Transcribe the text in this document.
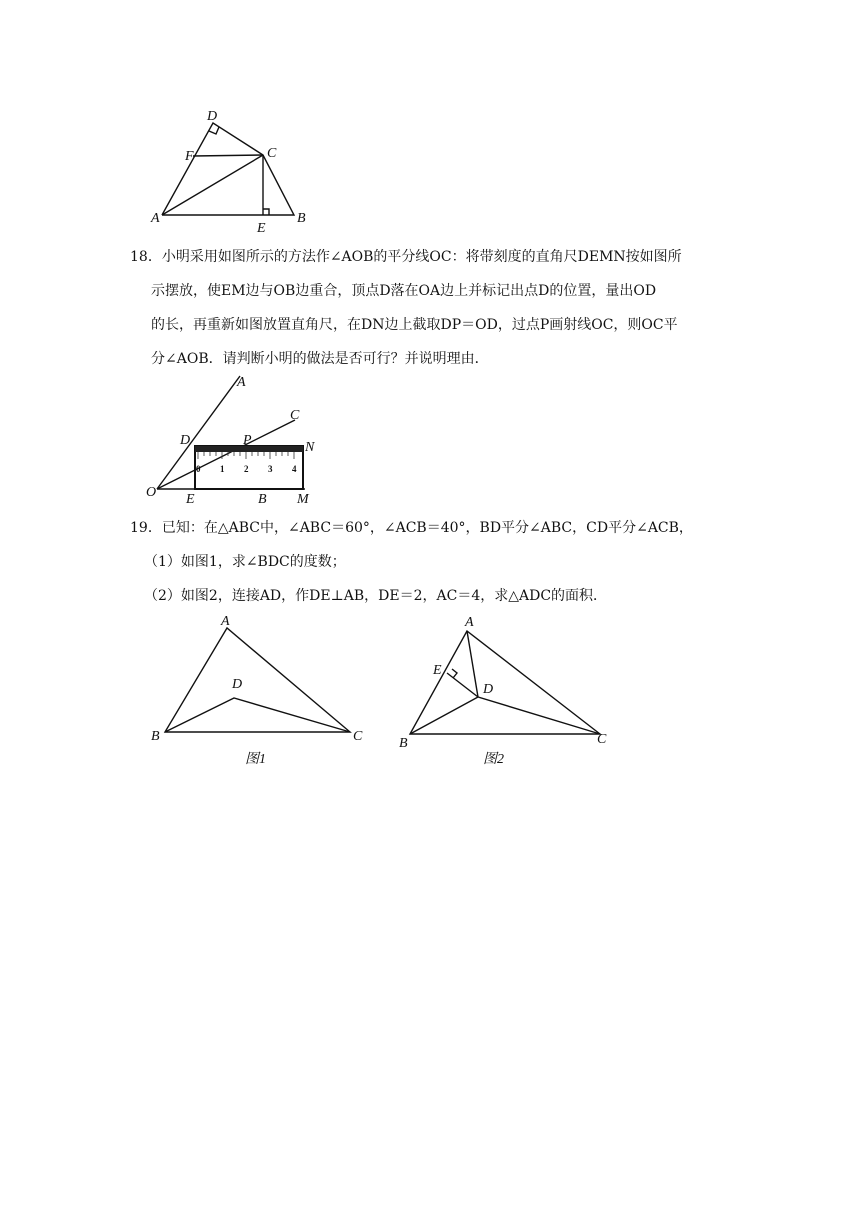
D
F	C
A
E
B
18．小明采用如图所示的方法作∠AOB的平分线OC：将带刻度的直角尺DEMN按如图所
示摆放，使EM边与OB边重合，顶点D落在OA边上并标记出点D的位置，量出OD
的长，再重新如图放置直角尺，在DN边上截取DP＝OD，过点P画射线OC，则OC平
分∠AOB．请判断小明的做法是否可行？并说明理由．
0 1 2 3 4
A
C
D	P	N
O E	B M
19．已知：在△ABC中，∠ABC＝60°，∠ACB＝40°，BD平分∠ABC，CD平分∠ACB，
（1）如图1，求∠BDC的度数；
（2）如图2，连接AD，作DE⊥AB，DE＝2，AC＝4，求△ADC的面积．
A
D
B	C
图1
A
E
D
B	C
图2
